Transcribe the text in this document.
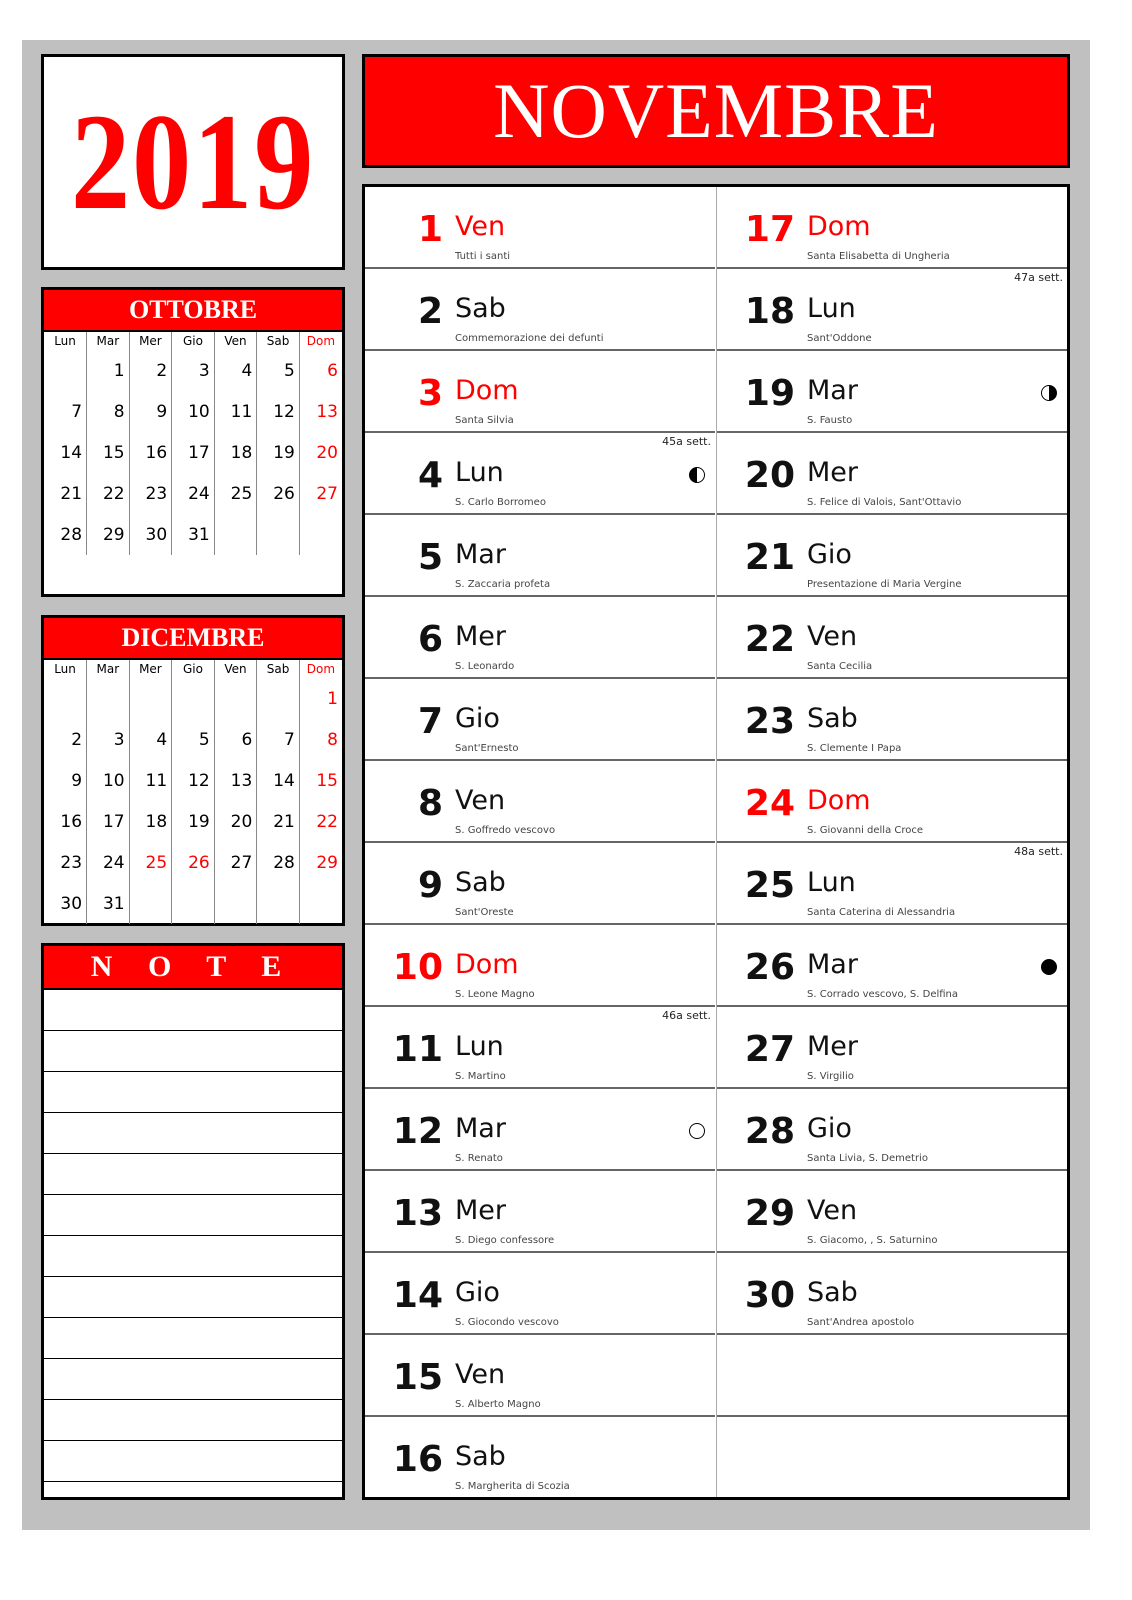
2019 NOVEMBRE
OTTOBRE
Lun	Mar	Mer	Gio	Ven	Sab	Dom
	1	2	3	4	5	6
7	8	9	10	11	12	13
14	15	16	17	18	19	20
21	22	23	24	25	26	27
28	29	30	31			
DICEMBRE
Lun	Mar	Mer	Gio	Ven	Sab	Dom
						1
2	3	4	5	6	7	8
9	10	11	12	13	14	15
16	17	18	19	20	21	22
23	24	25	26	27	28	29
30	31					
N O T E
1 Ven
Tutti i santi
2 Sab
Commemorazione dei defunti
3 Dom
Santa Silvia
4 Lun
S. Carlo Borromeo
45a sett.
5 Mar
S. Zaccaria profeta
6 Mer
S. Leonardo
7 Gio
Sant'Ernesto
8 Ven
S. Goffredo vescovo
9 Sab
Sant'Oreste
10 Dom
S. Leone Magno
11 Lun
S. Martino
46a sett.
12 Mar
S. Renato
13 Mer
S. Diego confessore
14 Gio
S. Giocondo vescovo
15 Ven
S. Alberto Magno
16 Sab
S. Margherita di Scozia
17 Dom
Santa Elisabetta di Ungheria
18 Lun
Sant'Oddone
47a sett.
19 Mar
S. Fausto
20 Mer
S. Felice di Valois, Sant'Ottavio
21 Gio
Presentazione di Maria Vergine
22 Ven
Santa Cecilia
23 Sab
S. Clemente I Papa
24 Dom
S. Giovanni della Croce
25 Lun
Santa Caterina di Alessandria
48a sett.
26 Mar
S. Corrado vescovo, S. Delfina
27 Mer
S. Virgilio
28 Gio
Santa Livia, S. Demetrio
29 Ven
S. Giacomo, , S. Saturnino
30 Sab
Sant'Andrea apostolo
